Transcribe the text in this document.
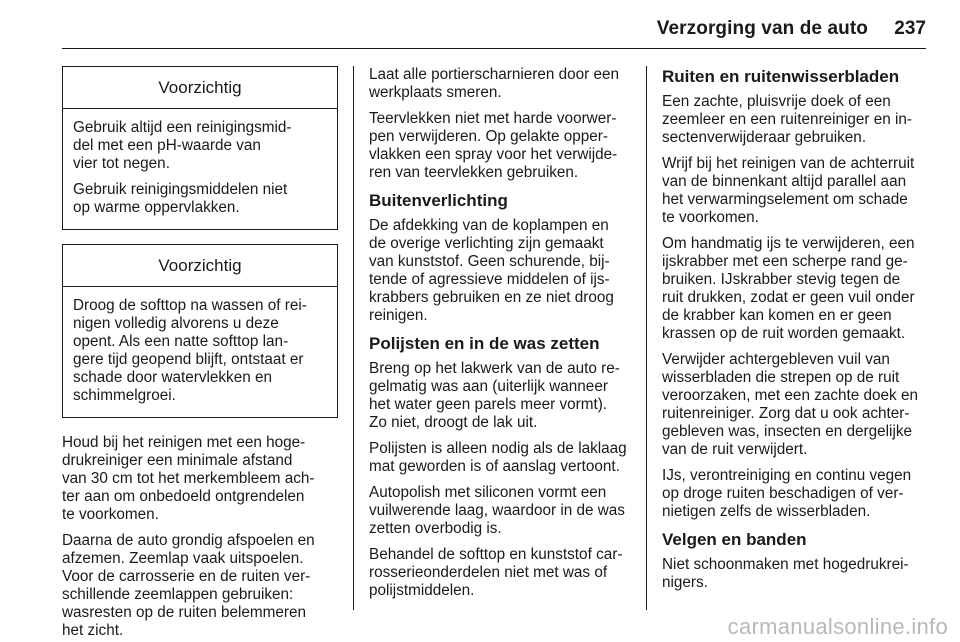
Verzorging van de auto 237
Voorzichtig

Gebruik altijd een reinigingsmid-
del met een pH-waarde van
vier tot negen.

Gebruik reinigingsmiddelen niet
op warme oppervlakken.

Voorzichtig

Droog de softtop na wassen of rei-
nigen volledig alvorens u deze
opent. Als een natte softtop lan-
gere tijd geopend blijft, ontstaat er
schade door watervlekken en
schimmelgroei.

Houd bij het reinigen met een hoge-
drukreiniger een minimale afstand
van 30 cm tot het merkembleem ach-
ter aan om onbedoeld ontgrendelen
te voorkomen.

Daarna de auto grondig afspoelen en
afzemen. Zeemlap vaak uitspoelen.
Voor de carrosserie en de ruiten ver-
schillende zeemlappen gebruiken:
wasresten op de ruiten belemmeren
het zicht.

Laat alle portierscharnieren door een
werkplaats smeren.

Teervlekken niet met harde voorwer-
pen verwijderen. Op gelakte opper-
vlakken een spray voor het verwijde-
ren van teervlekken gebruiken.

Buitenverlichting

De afdekking van de koplampen en
de overige verlichting zijn gemaakt
van kunststof. Geen schurende, bij-
tende of agressieve middelen of ijs-
krabbers gebruiken en ze niet droog
reinigen.

Polijsten en in de was zetten

Breng op het lakwerk van de auto re-
gelmatig was aan (uiterlijk wanneer
het water geen parels meer vormt).
Zo niet, droogt de lak uit.

Polijsten is alleen nodig als de laklaag
mat geworden is of aanslag vertoont.

Autopolish met siliconen vormt een
vuilwerende laag, waardoor in de was
zetten overbodig is.

Behandel de softtop en kunststof car-
rosserieonderdelen niet met was of
polijstmiddelen.

Ruiten en ruitenwisserbladen

Een zachte, pluisvrije doek of een
zeemleer en een ruitenreiniger en in-
sectenverwijderaar gebruiken.

Wrijf bij het reinigen van de achterruit
van de binnenkant altijd parallel aan
het verwarmingselement om schade
te voorkomen.

Om handmatig ijs te verwijderen, een
ijskrabber met een scherpe rand ge-
bruiken. IJskrabber stevig tegen de
ruit drukken, zodat er geen vuil onder
de krabber kan komen en er geen
krassen op de ruit worden gemaakt.

Verwijder achtergebleven vuil van
wisserbladen die strepen op de ruit
veroorzaken, met een zachte doek en
ruitenreiniger. Zorg dat u ook achter-
gebleven was, insecten en dergelijke
van de ruit verwijdert.

IJs, verontreiniging en continu vegen
op droge ruiten beschadigen of ver-
nietigen zelfs de wisserbladen.

Velgen en banden

Niet schoonmaken met hogedrukrei-
nigers.

carmanualsonline.info
